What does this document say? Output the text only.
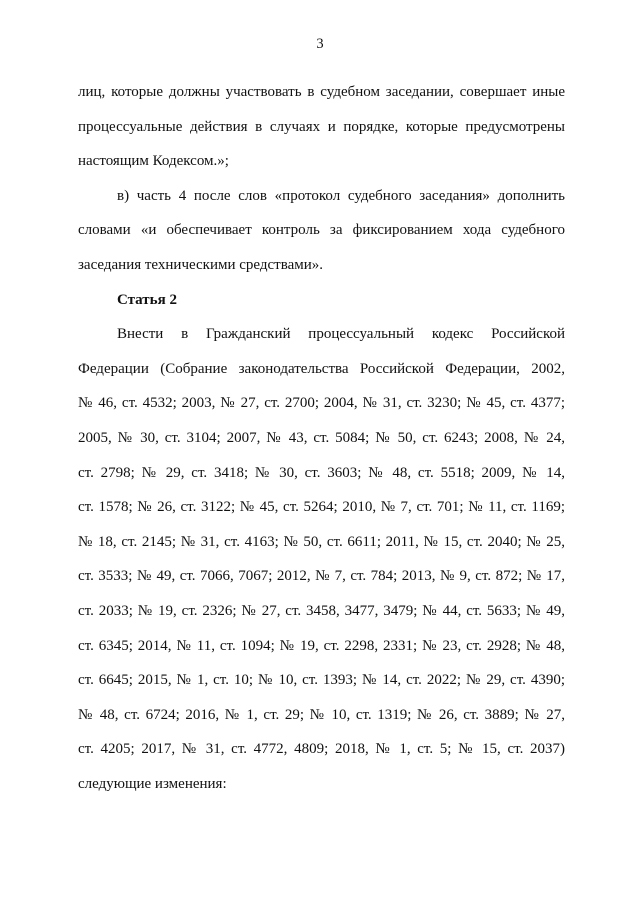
3
лиц, которые должны участвовать в судебном заседании, совершает иные
процессуальные действия в случаях и порядке, которые предусмотрены
настоящим Кодексом.»;
в) часть 4 после слов «протокол судебного заседания» дополнить
словами «и обеспечивает контроль за фиксированием хода судебного
заседания техническими средствами».
Статья 2
Внести в Гражданский процессуальный кодекс Российской
Федерации (Собрание законодательства Российской Федерации, 2002,
№ 46, ст. 4532; 2003, № 27, ст. 2700; 2004, № 31, ст. 3230; № 45, ст. 4377;
2005, № 30, ст. 3104; 2007, № 43, ст. 5084; № 50, ст. 6243; 2008, № 24,
ст. 2798; № 29, ст. 3418; № 30, ст. 3603; № 48, ст. 5518; 2009, № 14,
ст. 1578; № 26, ст. 3122; № 45, ст. 5264; 2010, № 7, ст. 701; № 11, ст. 1169;
№ 18, ст. 2145; № 31, ст. 4163; № 50, ст. 6611; 2011, № 15, ст. 2040; № 25,
ст. 3533; № 49, ст. 7066, 7067; 2012, № 7, ст. 784; 2013, № 9, ст. 872; № 17,
ст. 2033; № 19, ст. 2326; № 27, ст. 3458, 3477, 3479; № 44, ст. 5633; № 49,
ст. 6345; 2014, № 11, ст. 1094; № 19, ст. 2298, 2331; № 23, ст. 2928; № 48,
ст. 6645; 2015, № 1, ст. 10; № 10, ст. 1393; № 14, ст. 2022; № 29, ст. 4390;
№ 48, ст. 6724; 2016, № 1, ст. 29; № 10, ст. 1319; № 26, ст. 3889; № 27,
ст. 4205; 2017, № 31, ст. 4772, 4809; 2018, № 1, ст. 5; № 15, ст. 2037)
следующие изменения:
